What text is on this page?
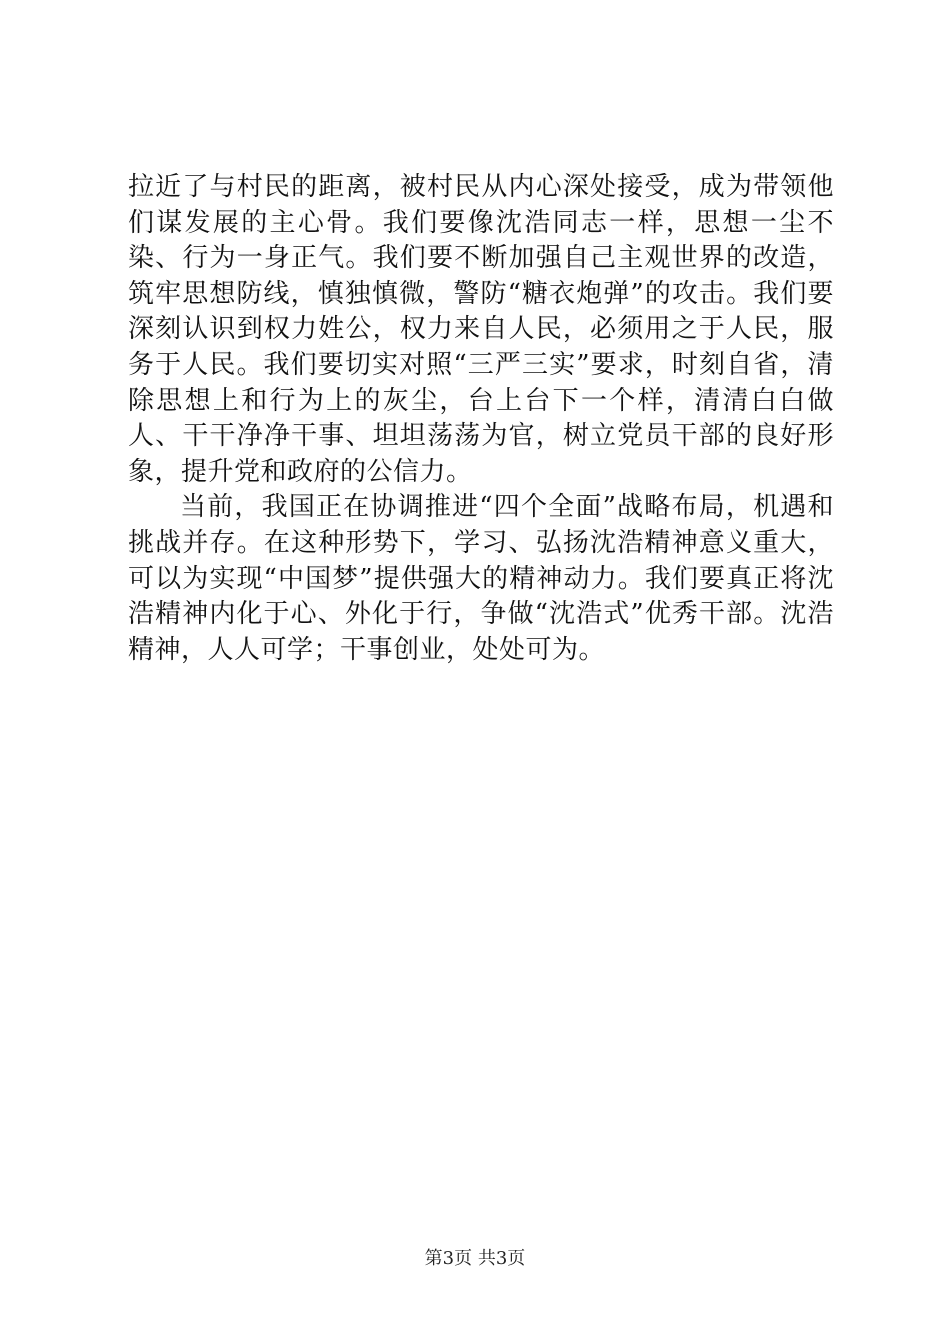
拉近了与村民的距离，被村民从内心深处接受，成为带领他们谋发展的主心骨。我们要像沈浩同志一样，思想一尘不染、行为一身正气。我们要不断加强自己主观世界的改造，筑牢思想防线，慎独慎微，警防“糖衣炮弹”的攻击。我们要深刻认识到权力姓公，权力来自人民，必须用之于人民，服务于人民。我们要切实对照“三严三实”要求，时刻自省，清除思想上和行为上的灰尘，台上台下一个样，清清白白做人、干干净净干事、坦坦荡荡为官，树立党员干部的良好形象，提升党和政府的公信力。

当前，我国正在协调推进“四个全面”战略布局，机遇和挑战并存。在这种形势下，学习、弘扬沈浩精神意义重大，可以为实现“中国梦”提供强大的精神动力。我们要真正将沈浩精神内化于心、外化于行，争做“沈浩式”优秀干部。沈浩精神，人人可学；干事创业，处处可为。

第3页 共3页
